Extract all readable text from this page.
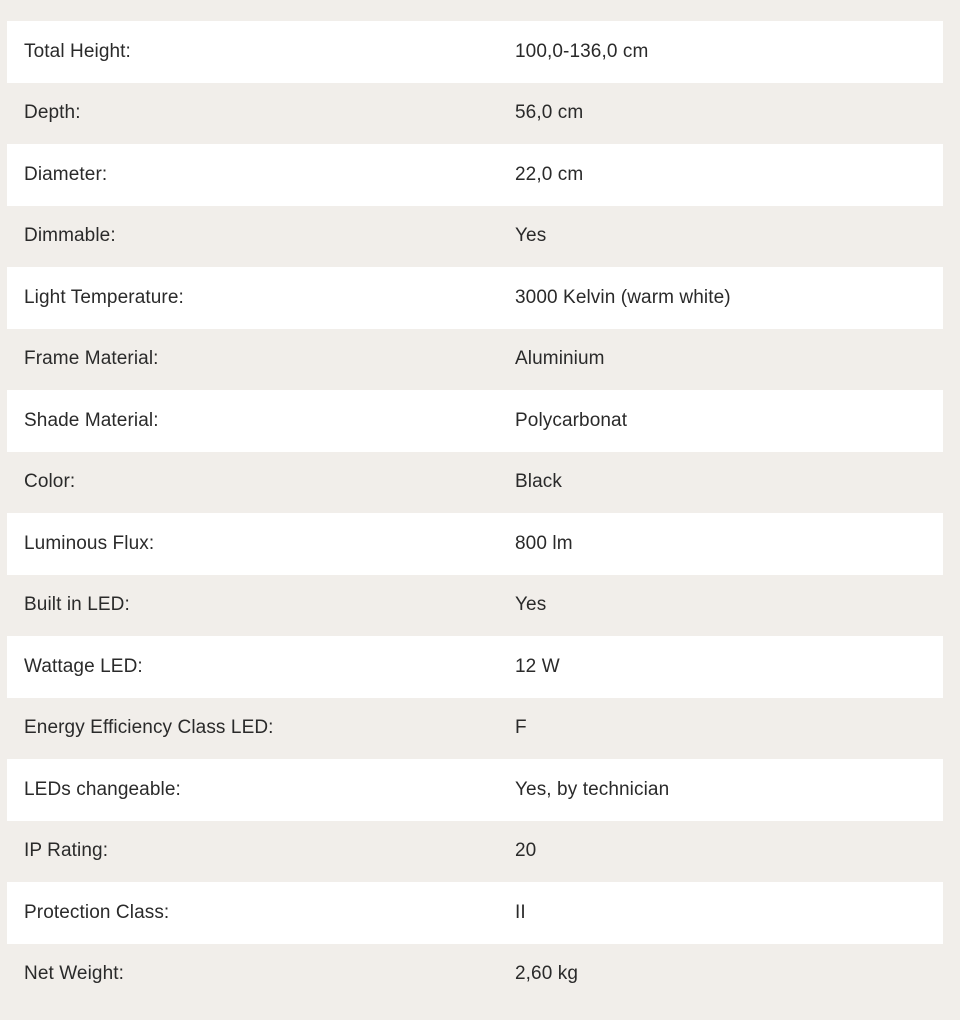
Total Height:	100,0-136,0 cm
Depth:	56,0 cm
Diameter:	22,0 cm
Dimmable:	Yes
Light Temperature:	3000 Kelvin (warm white)
Frame Material:	Aluminium
Shade Material:	Polycarbonat
Color:	Black
Luminous Flux:	800 lm
Built in LED:	Yes
Wattage LED:	12 W
Energy Efficiency Class LED:	F
LEDs changeable:	Yes, by technician
IP Rating:	20
Protection Class:	II
Net Weight:	2,60 kg
